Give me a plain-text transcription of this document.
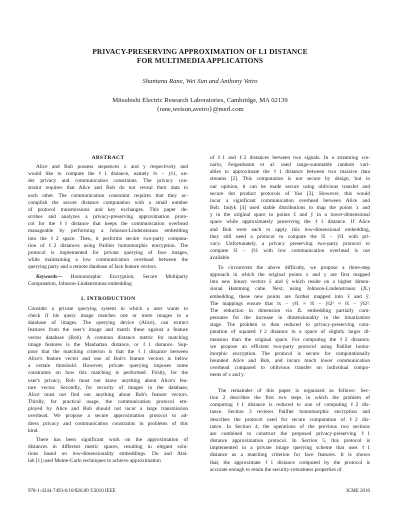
PRIVACY-PRESERVING APPROXIMATION OF L1 DISTANCE
FOR MULTIMEDIA APPLICATIONS
Shantanu Rane, Wei Sun and Anthony Vetro
Mitsubishi Electric Research Laboratories, Cambridge, MA 02139
{rane,weisun,avetro}@merl.com
ABSTRACT
Alice and Bob possess sequences x and y respectively and
would like to compute the ℓ1 distance, namely ‖x − y‖1, un-
der privacy and communication constraints. The privacy con-
straint requires that Alice and Bob do not reveal their data to
each other. The communication constraint requires that they ac-
complish the secure distance computation with a small number
of protocol transmissions and key exchanges. This paper de-
scribes and analyzes a privacy-preserving approximation proto-
col for the ℓ1 distance that keeps the communication overhead
manageable by performing a Johnson-Lindenstrauss embedding
into the ℓ2 space. Then, it performs secure two-party computa-
tion of ℓ2 distances using Paillier homomorphic encryption. The
protocol is implemented for private querying of face images,
while maintaining a low communication overhead between the
querying party and a remote database of face feature vectors.
Keywords— Homomorphic Encryption, Secure Multiparty
Computation, Johnson-Lindenstrauss embedding
1. INTRODUCTION
Consider a private querying system in which a user wants to
check if his query image matches one or more images in a
database of images. The querying device (Alice), can extract
features from the user's image and match these against a feature
vector database (Bob). A common distance metric for matching
image features is the Manhattan distance, or ℓ1 distance. Sup-
pose that the matching criterion is that the ℓ1 distance between
Alice's feature vector and one of Bob's feature vectors is below
a certain threshold. However, private querying imposes some
constraints on how this matching is performed. Firstly, for the
user's privacy, Bob must not know anything about Alice's fea-
ture vector. Secondly, for security of images in the database,
Alice must not find out anything about Bob's feature vectors.
Thirdly, for practical usage, the communication protocol em-
ployed by Alice and Bob should not incur a large transmission
overhead. We propose a secure approximation protocol to ad-
dress privacy and communication constraints in problems of this
kind.
There has been significant work on the approximation of
distances in different metric spaces, resulting in elegant solu-
tions based on low-dimensionality embeddings. Do and Atal-
lah [1] used Monte-Carlo techniques to achieve approximation
of ℓ1 and ℓ2 distances between two signals. In a streaming sce-
nario, Feigenbaum et al. used range-summable random vari-
ables to approximate the ℓ1 distance between two massive data
streams [2]. This computation is not secure by design, but in
our opinion, it can be made secure using oblivious transfer and
secure dot product protocols of Yao [3]. However, this would
incur a significant communication overhead between Alice and
Bob. Indyk [4] used stable distributions to map the points x and
y in the original space to points x̃ and ỹ in a lower-dimensional
space while approximately preserving the ℓ1 distance. If Alice
and Bob were each to apply this low-dimensional embedding,
they still need a protocol to compute the ‖x̃ − ỹ‖1 with pri-
vacy. Unfortunately, a privacy preserving two-party protocol to
compute ‖x̃ − ỹ‖1 with low communication overhead is not
available.
To circumvent the above difficulty, we propose a three-step
approach in which the original points x and y are first mapped
into new binary vectors x̄ and ȳ which reside on a higher dimen-
sional Hamming cube. Next, using Johnson-Lindenstrauss (JL)
embedding, these new points are further mapped into x̂ and ŷ.
The mappings ensure that ‖x − y‖1 ≈ ‖x̄ − ȳ‖2² ≈ ‖x̂ − ŷ‖2².
The reduction in dimension via JL embedding partially com-
pensates for the increase in dimensionality in the binarization
stage. The problem is then reduced to privacy-preserving com-
putation of squared ℓ2 distance in a space of slightly larger di-
mension than the original space. For computing the ℓ2 distance,
we propose an efficient two-party protocol using Paillier homo-
morphic encryption. The protocol is secure for computationally
bounded Alice and Bob, and incurs much lower communication
overhead compared to oblivious transfer on individual compo-
nents of x and y.
The remainder of this paper is organized as follows: Sec-
tion 2 describes the first two steps in which the problem of
computing ℓ1 distance is reduced to one of computing ℓ2 dis-
tance. Section 3 reviews Paillier homomorphic encryption and
describes the protocol used for secure computation of ℓ2 dis-
tance. In Section 4, the operations of the previous two sections
are combined to construct the proposed privacy-preserving ℓ1
distance approximation protocol. In Section 5, this protocol is
implemented in a private image querying scheme that uses ℓ1
distance as a matching criterion for face features. It is shown
that, the approximate ℓ1 distance computed by the protocol is
accurate enough to retain the security-robustness properties of
978-1-4244-7493-6/10/$26.00 ©2010 IEEE	ICME 2010
